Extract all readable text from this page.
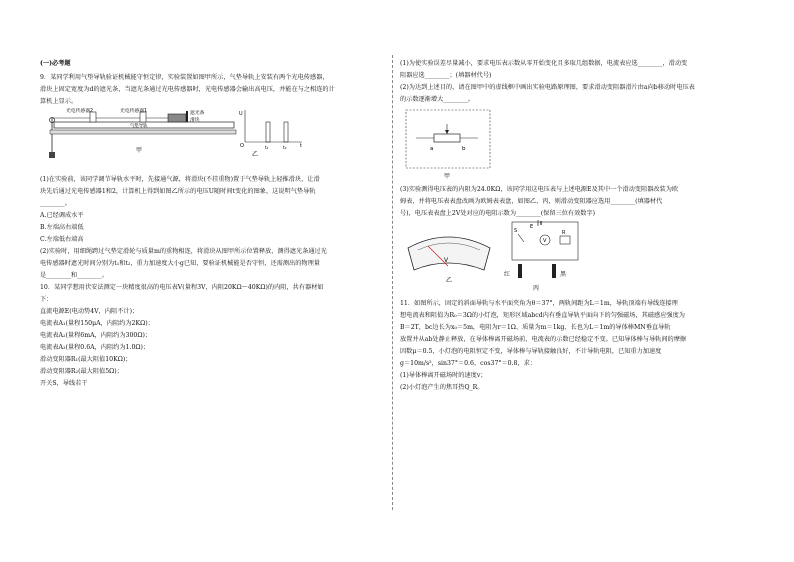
(一)必考题
9．某同学利用气垫导轨验证机械能守恒定律，实验装置如图甲所示，气垫导轨上安装有两个光电传感器，
滑块上固定宽度为d的遮光条，当遮光条通过光电传感器时，光电传感器会输出高电压，并能在与之相连的计
算机上显示。
光电传感器2	光电传感器1	遮光条
滑块
气垫导轨
甲
U
O	t₁	t₂	t
乙
(1)在实验前，该同学调节导轨水平时，先接通气源，将滑块(不挂重物)置于气垫导轨上轻推滑块，让滑
块先后通过光电传感器1和2，计算机上得到如图乙所示的电压U随时间t变化的图象，这说明气垫导轨
________。
A.已经调成水平
B.左端高右端低
C.左端低右端高
(2)实验时，用细绳跨过气垫定滑轮与质量m的重物相连，将滑块从图甲所示位置释放，测得遮光条通过光
电传感器时遮光时间分别为t₁和t₂，重力加速度大小g已知，要验证机械能是否守恒，还需测出的物理量
是________和________。
10．某同学想用伏安法测定一块精度很高的电压表V(量程3V，内阻20KΩ～40KΩ)的内阻，共有器材如
下：
直流电源E(电动势4V，内阻不计)；
电流表A₁(量程150μA，内阻约为2KΩ)；
电流表A₂(量程6mA，内阻约为300Ω)；
电流表A₃(量程0.6A，内阻约为1.0Ω)；
滑动变阻器R₁(最大阻值10KΩ)；
滑动变阻器R₂(最大阻值5Ω)；
开关S，导线若干
(1)为使实验误差尽量减小，要求电压表示数从零开始变化且多取几组数据，电流表应选________，滑动变
阻器应选________；(填器材代号)
(2)为达到上述目的，请在图甲中的虚线框中画出实验电路原理图，要求滑动变阻器滑片由a向b移动时电压表
的示数逐渐增大________。
a	b
甲
(3)实验测得电压表的内阻为24.0KΩ，该同学用这电压表与上述电源E及其中一个滑动变阻器改装为欧
姆表，并将电压表表盘改画为欧姆表表盘，如图乙、丙，则滑动变阻器应选用________(填器材代
号)，电压表表盘上2V处对应的电阻示数为________(保留三位有效数字)
V
乙
E
S	R
V
红	黑
丙
11．如图所示，固定的斜面导轨与水平面夹角为θ＝37°，两轨间距为L＝1m，导轨顶端有导线连接理
想电流表和阻值为R₀＝3Ω的小灯泡，矩形区域abcd内有垂直导轨平面向下的匀强磁场，其磁感应强度为
B＝2T，bc边长为x₀＝5m，电阻为r＝1Ω、质量为m＝1kg、长也为L＝1m的导体棒MN垂直导轨
放置并从ab处静止释放，在导体棒离开磁场前，电流表的示数已经稳定不变。已知导体棒与导轨间的摩擦
因数μ＝0.5，小灯泡的电阻恒定不变，导体棒与导轨接触良好，不计导轨电阻，已知重力加速度
g＝10m/s²，sin37°＝0.6，cos37°＝0.8，求：
(1)导体棒离开磁场时的速度v；
(2)小灯泡产生的焦耳热Q_R。
